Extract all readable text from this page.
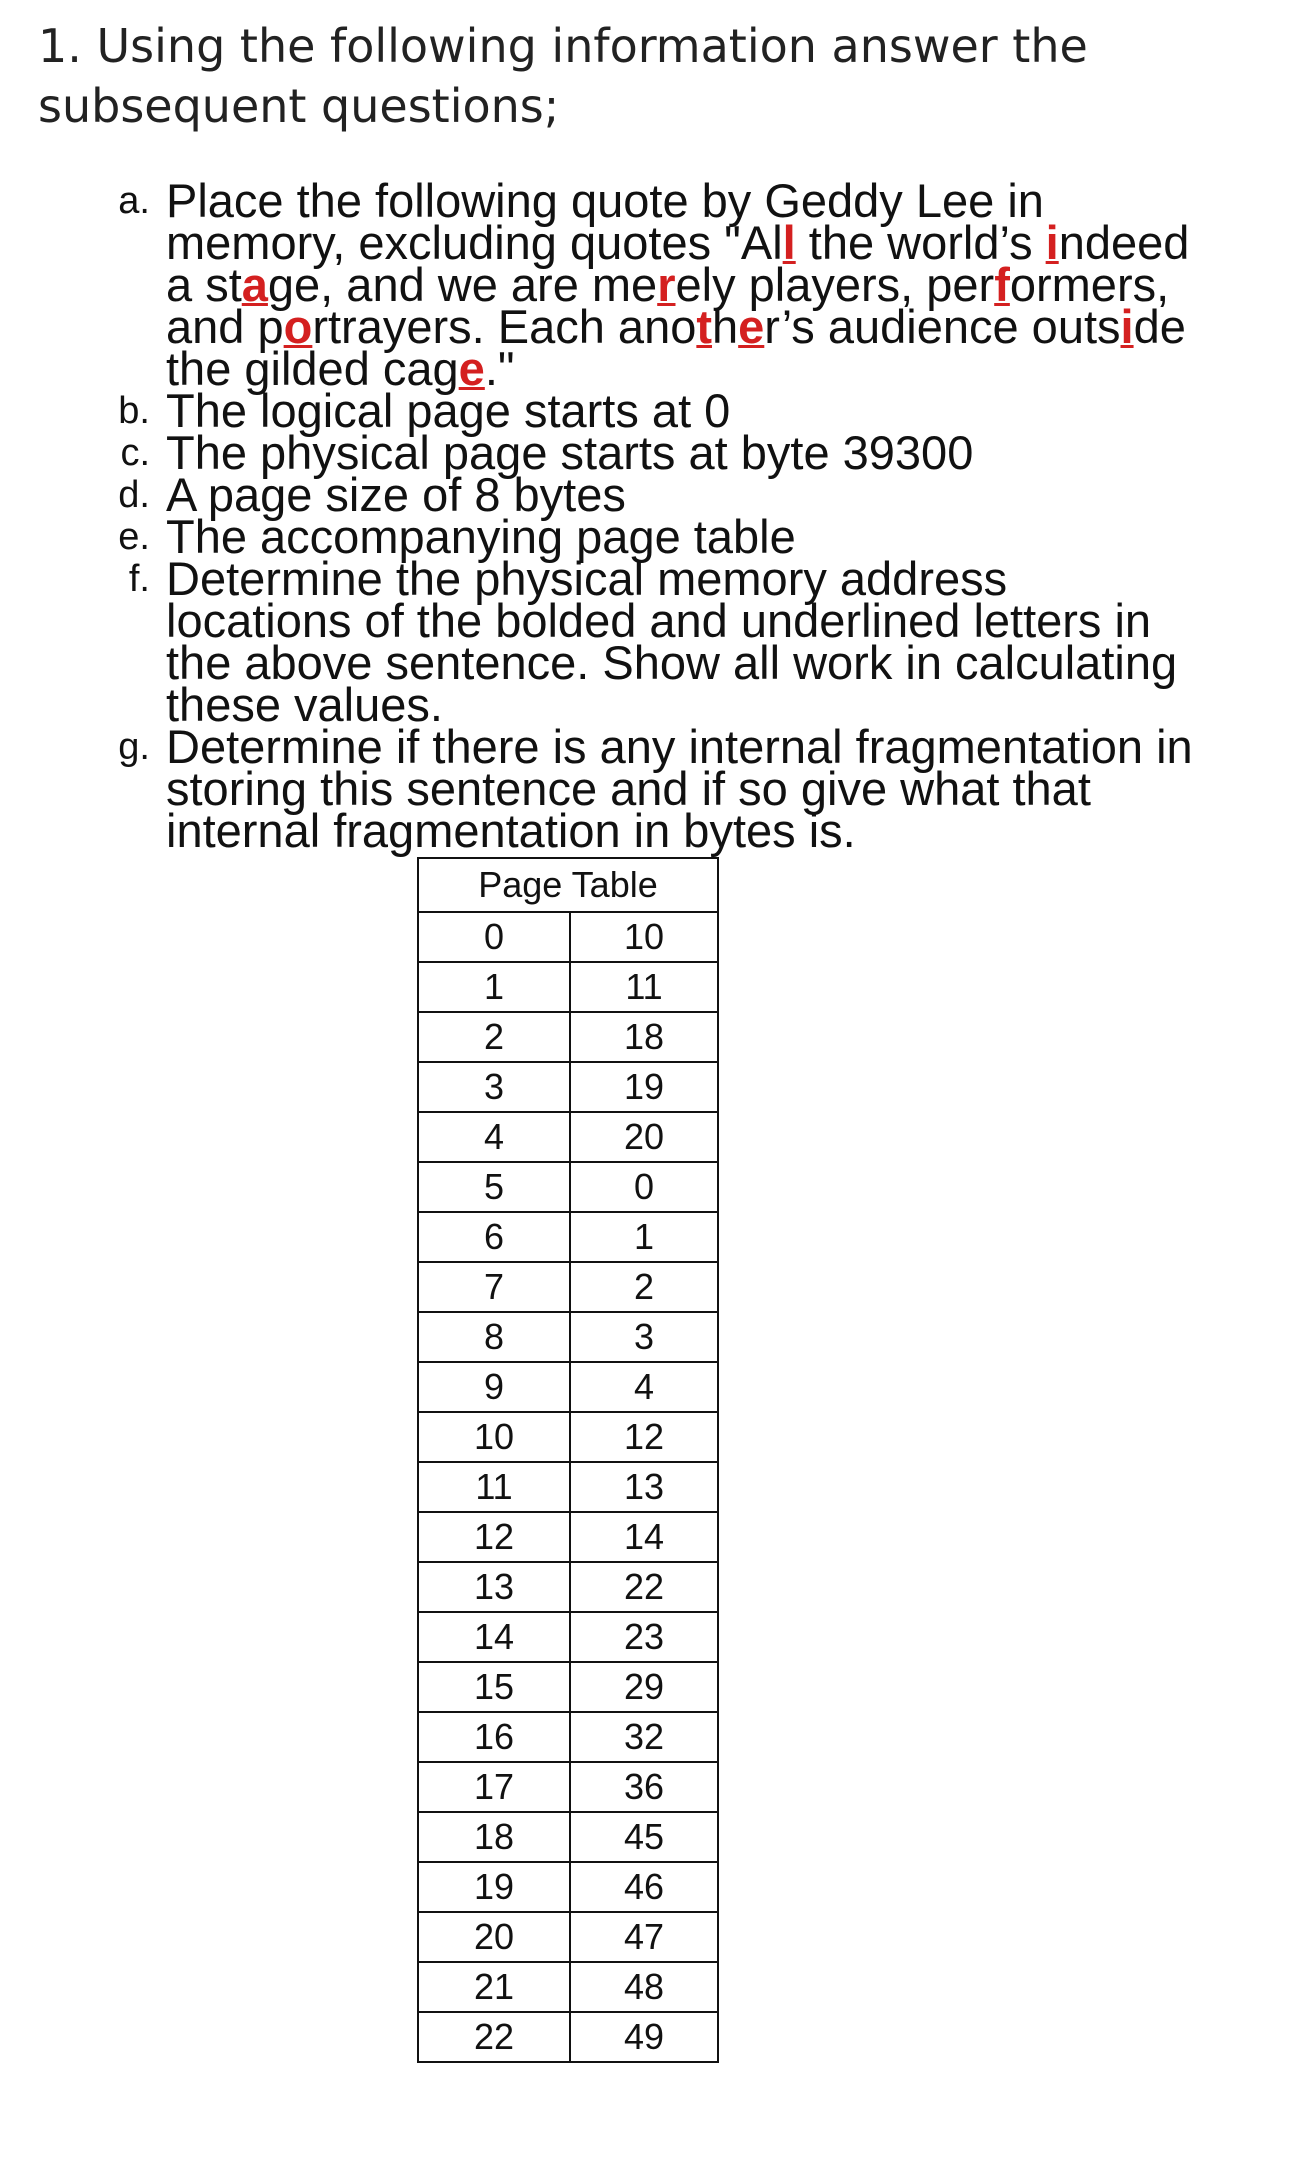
1. Using the following information answer the
subsequent questions;
a. Place the following quote by Geddy Lee in
memory, excluding quotes "All the world’s indeed
a stage, and we are merely players, performers,
and portrayers. Each another’s audience outside
the gilded cage."
b. The logical page starts at 0
c. The physical page starts at byte 39300
d. A page size of 8 bytes
e. The accompanying page table
f. Determine the physical memory address
locations of the bolded and underlined letters in
the above sentence. Show all work in calculating
these values.
g. Determine if there is any internal fragmentation in
storing this sentence and if so give what that
internal fragmentation in bytes is.
Page Table
0	10
1	11
2	18
3	19
4	20
5	0
6	1
7	2
8	3
9	4
10	12
11	13
12	14
13	22
14	23
15	29
16	32
17	36
18	45
19	46
20	47
21	48
22	49
